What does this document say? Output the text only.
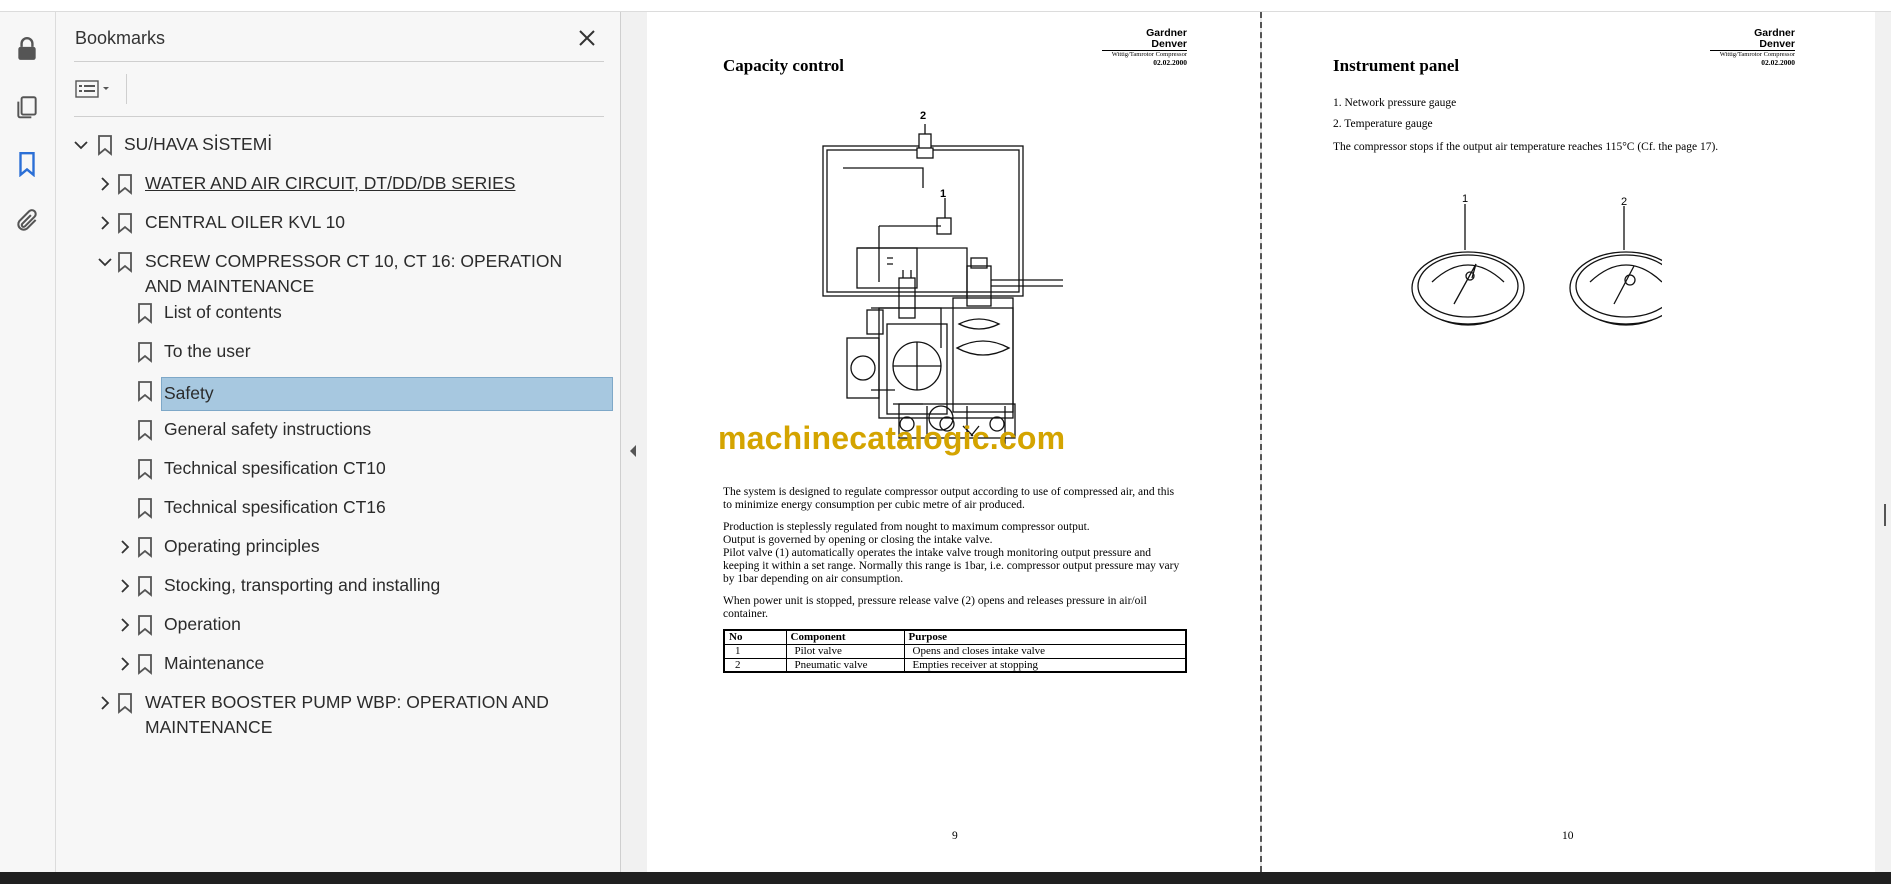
Bookmarks
SU/HAVA SİSTEMİ
WATER AND AIR CIRCUIT, DT/DD/DB SERIES
CENTRAL OILER KVL 10
SCREW COMPRESSOR CT 10, CT 16: OPERATION AND MAINTENANCE
List of contents
To the user
Safety
General safety instructions
Technical spesification CT10
Technical spesification CT16
Operating principles
Stocking, transporting and installing
Operation
Maintenance
WATER BOOSTER PUMP WBP: OPERATION AND MAINTENANCE
Gardner
Denver
Wittig/Tamrotor Compressor
02.02.2000
Capacity control
2
1
machinecatalogic.com
The system is designed to regulate compressor output according to use of compressed air, and this to minimize energy consumption per cubic metre of air produced.
Production is steplessly regulated from nought to maximum compressor output.
Output is governed by opening or closing the intake valve.
Pilot valve (1) automatically operates the intake valve trough monitoring output pressure and keeping it within a set range. Normally this range is 1bar, i.e. compressor output pressure may vary by 1bar depending on air consumption.
When power unit is stopped, pressure release valve (2) opens and releases pressure in air/oil container.
No	Component	Purpose
1	Pilot valve	Opens and closes intake valve
2	Pneumatic valve	Empties receiver at stopping
9
Gardner
Denver
Wittig/Tamrotor Compressor
02.02.2000
Instrument panel
1. Network pressure gauge
2. Temperature gauge
The compressor stops if the output air temperature reaches 115°C (Cf. the page 17).
1	2
10
